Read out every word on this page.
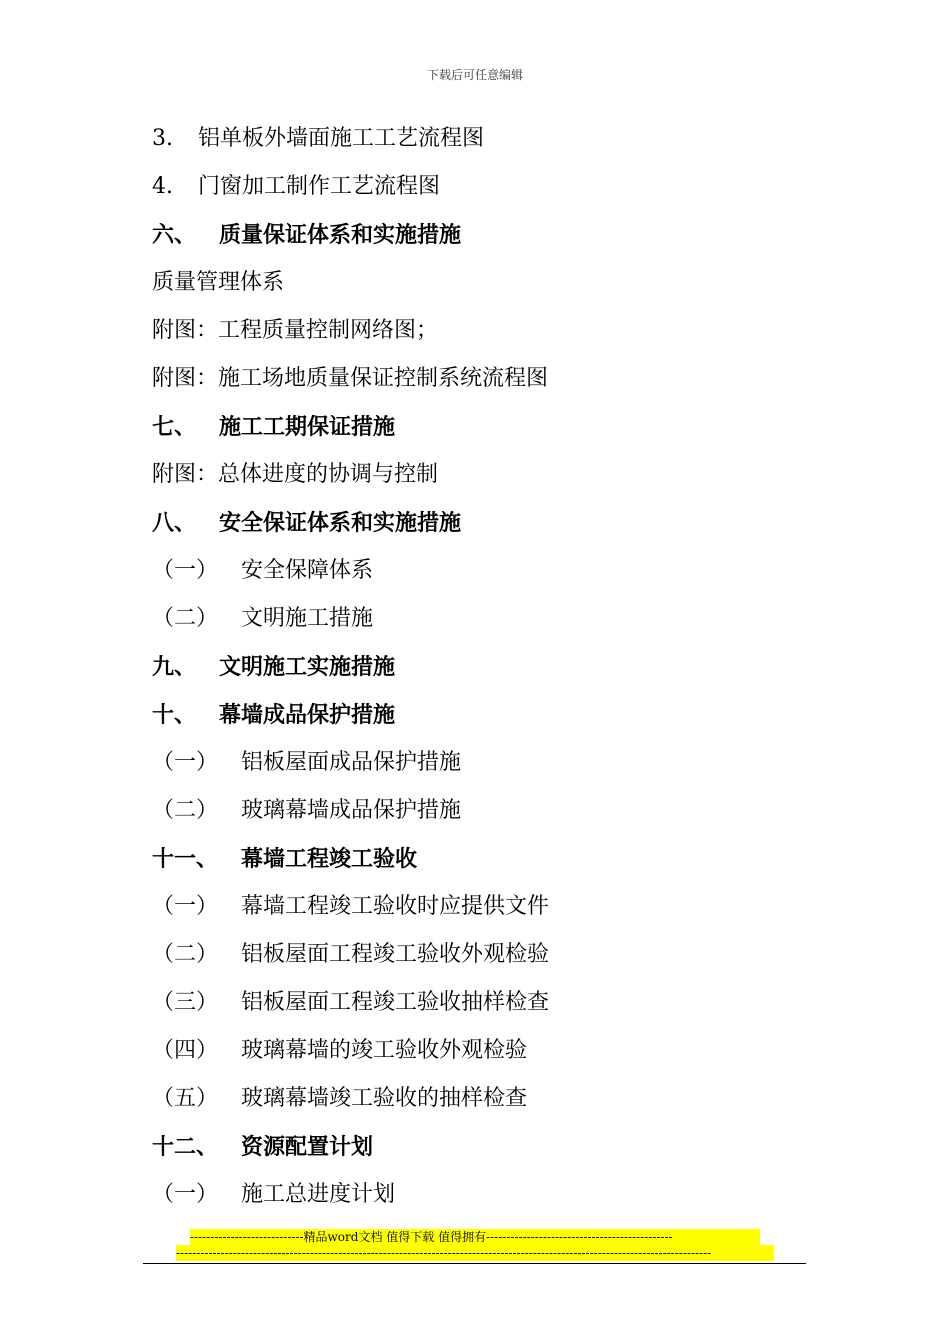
下载后可任意编辑
3.	铝单板外墙面施工工艺流程图
4.	门窗加工制作工艺流程图
六、	质量保证体系和实施措施
质量管理体系
附图：工程质量控制网络图；
附图：施工场地质量保证控制系统流程图
七、	施工工期保证措施
附图：总体进度的协调与控制
八、	安全保证体系和实施措施
（一）	安全保障体系
（二）	文明施工措施
九、	文明施工实施措施
十、	幕墙成品保护措施
（一）	铝板屋面成品保护措施
（二）	玻璃幕墙成品保护措施
十一、	幕墙工程竣工验收
（一）	幕墙工程竣工验收时应提供文件
（二）	铝板屋面工程竣工验收外观检验
（三）	铝板屋面工程竣工验收抽样检查
（四）	玻璃幕墙的竣工验收外观检验
（五）	玻璃幕墙竣工验收的抽样检查
十二、	资源配置计划
（一）	施工总进度计划
----------------------------精品word文档 值得下载 值得拥有----------------------------------------------
------------------------------------------------------------------------------------------------------------------------------------
